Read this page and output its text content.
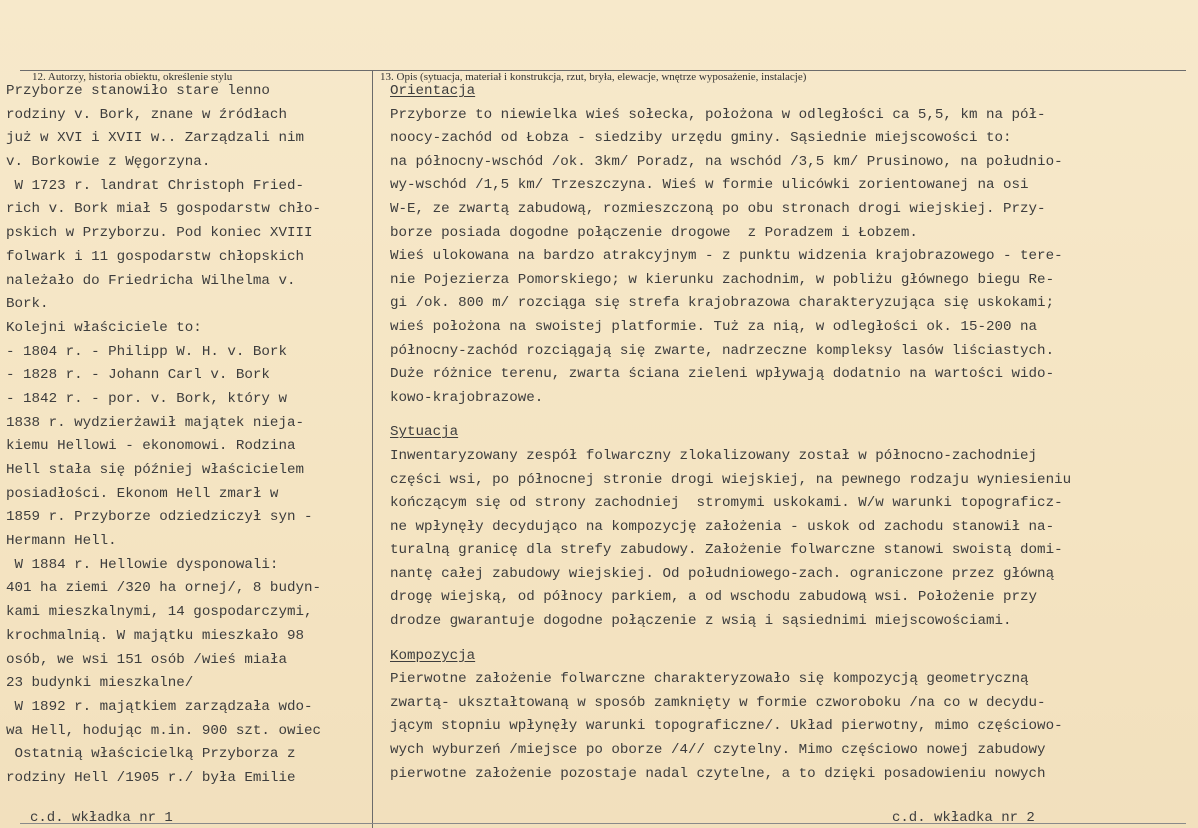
12. Autorzy, historia obiektu, określenie stylu	13. Opis (sytuacja, materiał i konstrukcja, rzut, bryła, elewacje, wnętrze wyposażenie, instalacje)
Przyborze stanowiło stare lenno
rodziny v. Bork, znane w źródłach
już w XVI i XVII w.. Zarządzali nim
v. Borkowie z Węgorzyna.
W 1723 r. landrat Christoph Fried-
rich v. Bork miał 5 gospodarstw chło-
pskich w Przyborzu. Pod koniec XVIII
folwark i 11 gospodarstw chłopskich
należało do Friedricha Wilhelma v.
Bork.
Kolejni właściciele to:
- 1804 r. - Philipp W. H. v. Bork
- 1828 r. - Johann Carl v. Bork
- 1842 r. - por. v. Bork, który w
1838 r. wydzierżawił majątek nieja-
kiemu Hellowi - ekonomowi. Rodzina
Hell stała się później właścicielem
posiadłości. Ekonom Hell zmarł w
1859 r. Przyborze odziedziczył syn -
Hermann Hell.
W 1884 r. Hellowie dysponowali:
401 ha ziemi /320 ha ornej/, 8 budyn-
kami mieszkalnymi, 14 gospodarczymi,
krochmalnią. W majątku mieszkało 98
osób, we wsi 151 osób /wieś miała
23 budynki mieszkalne/
W 1892 r. majątkiem zarządzała wdo-
wa Hell, hodując m.in. 900 szt. owiec
Ostatnią właścicielką Przyborza z
rodziny Hell /1905 r./ była Emilie
Orientacja
Przyborze to niewielka wieś sołecka, położona w odległości ca 5,5, km na pół-
noocy-zachód od Łobza - siedziby urzędu gminy. Sąsiednie miejscowości to:
na północny-wschód /ok. 3km/ Poradz, na wschód /3,5 km/ Prusinowo, na południo-
wy-wschód /1,5 km/ Trzeszczyna. Wieś w formie ulicówki zorientowanej na osi
W-E, ze zwartą zabudową, rozmieszczoną po obu stronach drogi wiejskiej. Przy-
borze posiada dogodne połączenie drogowe  z Poradzem i Łobzem.
Wieś ulokowana na bardzo atrakcyjnym - z punktu widzenia krajobrazowego - tere-
nie Pojezierza Pomorskiego; w kierunku zachodnim, w pobliżu głównego biegu Re-
gi /ok. 800 m/ rozciąga się strefa krajobrazowa charakteryzująca się uskokami;
wieś położona na swoistej platformie. Tuż za nią, w odległości ok. 15-200 na
północny-zachód rozciągają się zwarte, nadrzeczne kompleksy lasów liściastych.
Duże różnice terenu, zwarta ściana zieleni wpływają dodatnio na wartości wido-
kowo-krajobrazowe.
Sytuacja
Inwentaryzowany zespół folwarczny zlokalizowany został w północno-zachodniej
części wsi, po północnej stronie drogi wiejskiej, na pewnego rodzaju wyniesieniu
kończącym się od strony zachodniej  stromymi uskokami. W/w warunki topograficz-
ne wpłynęły decydująco na kompozycję założenia - uskok od zachodu stanowił na-
turalną granicę dla strefy zabudowy. Założenie folwarczne stanowi swoistą domi-
nantę całej zabudowy wiejskiej. Od południowego-zach. ograniczone przez główną
drogę wiejską, od północy parkiem, a od wschodu zabudową wsi. Położenie przy
drodze gwarantuje dogodne połączenie z wsią i sąsiednimi miejscowościami.
Kompozycja
Pierwotne założenie folwarczne charakteryzowało się kompozycją geometryczną
zwartą- ukształtowaną w sposób zamknięty w formie czworoboku /na co w decydu-
jącym stopniu wpłynęły warunki topograficzne/. Układ pierwotny, mimo częściowo-
wych wyburzeń /miejsce po oborze /4// czytelny. Mimo częściowo nowej zabudowy
pierwotne założenie pozostaje nadal czytelne, a to dzięki posadowieniu nowych
c.d. wkładka nr 1	c.d. wkładka nr 2
